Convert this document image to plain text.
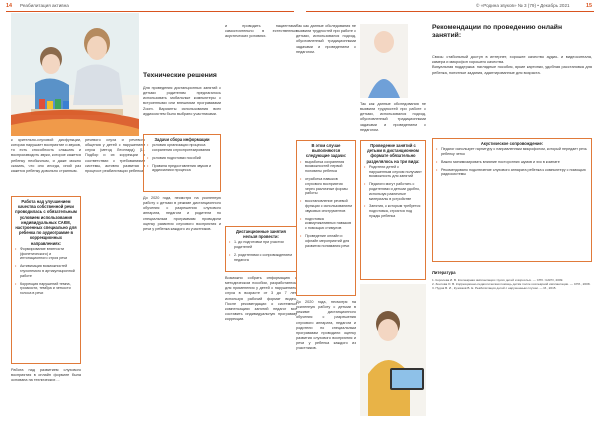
14 Реабилитация активна
к зрительно-слуховой дисфункции, которая нарушает восприятие и звуков, то есть способность слышать и воспроизводить звуки, которое кажется ребенку необычным, и даже можно сказать, что оно иногда, иной раз кажется ребенку довольно странным.
Работа над улучшением качества собственной речи проводилась с обязательным условием использования индивидуальных САКМ, настроенных специально для ребенка по аудиограмме в коррекционных направлениях:
• Формирование внятности (фонетического) и интонационного строя речи
• Активизация возможностей глухонемого в артикуляционной работе
• Коррекция нарушений темпа, громкости, тембра и четкости голоса в речи
Работа над развитием слухового восприятия в онлайн формате была основана на технических ...
речевого слуха и речевого общения у детей с нарушением слуха (метод Леонгард) [1]. Подбор и их коррекции в соответствии с требованиями системы, активно развитая в процессе реабилитации ребенка.
Технические решения
Для проведения дистанционных занятий с детьми родителям предлагалось использовать мобильные компьютеры с встроенными или внешними программами Zoom. Варианты использования всех аудиосистем было выбрано участниками.
Задачи сбора информации
• условия организации процесса сохранения слухопротезирования
• условия подготовки пособий
• Правила предоставления звуков и аудиозаписи процесса
До 2020 года, несмотря на усиленную работу с детьми в режиме дистанционного обучения с разрешения слухового аппарата, педагоги и родители по специальным программам проводили оценку развития слухового восприятия и речи у ребенка каждого из участников.
и проводить пациентами самостоятельно в естественных акустических условиях.
Дистанционные занятия нельзя провести:
• 1. до подготовки при участии родителей
• 2. родителями с сопровождением педагога
Возможно собрать информацию о методическом пособии, разработанном для применения у детей с нарушением слуха в возрасте от 3 до 7 лет, используя рабочий формат видео. После рекомендации о системных компенсациях занятий педагог мог составить индивидуальную программу коррекции.
© «Родина звуков» № 3 (79) • Декабрь 2021	15
Так как данные обследования не выявили трудностей при работе с детьми, использовался подход, обусловленный традиционными задачами и проведением с педагогом.
В этом случае выполняются следующие задачи:
• выработка сохранения возможностей первой половины ребенка
• отработка навыков слухового восприятия через различные формы работы
• восстановление речевой функции с использованием звуковых инструментов
• подготовка коммуникативных навыков с помощью стимулов
• Проведение онлайн и офлайн мероприятий для развития понимания речи
До 2020 года, несмотря на усиленную работу с детьми в режиме дистанционного обучения с разрешения слухового аппарата, педагоги и родители по специальным программам проводили оценку развития слухового восприятия и речи у ребенка каждого из участников.
Так как данные обследования не выявили трудностей при работе с детьми, использовался подход, обусловленный традиционными задачами и проведением с педагогом.
Проведение занятий с детьми в дистанционном формате обязательно разделялось на три вида:
• Родители детей с нарушенным слухом получают возможность для занятий
• Педагоги могут работать с родителями и детьми удобно, используя различные материалы в устройстве
• Занятия, к которым требуется подготовка, строятся под нужды ребенка
Рекомендации по проведению онлайн занятий:
Связь: стабильный доступ в интернет, хорошее качество аудио- и видеосигнала, камера и микрофон хорошего качества.
Визуальная поддержка: наглядные пособия, яркие картинки, удобная расстановка для ребенка, понятные задания, адаптированные для возраста.
Акустическое сопровождение:
• Педагог использует гарнитуру с направленным микрофоном, который передает речь ребенку четко
• Важно минимизировать влияние посторонних шумов и эхо в комнате
• Рекомендовано подключение слухового аппарата ребенка к компьютеру с помощью радиосистемы
Литература
1. Королева И. В. Кохлеарная имплантация глухих детей и взрослых. — СПб.: КАРО, 2009.
2. Зонтова О. В. Коррекционно-педагогическая помощь детям после кохлеарной имплантации. — СПб., 2008.
3. Пудов В. И., Кузовков В. Е. Реабилитация детей с нарушенным слухом. — М., 2015.
